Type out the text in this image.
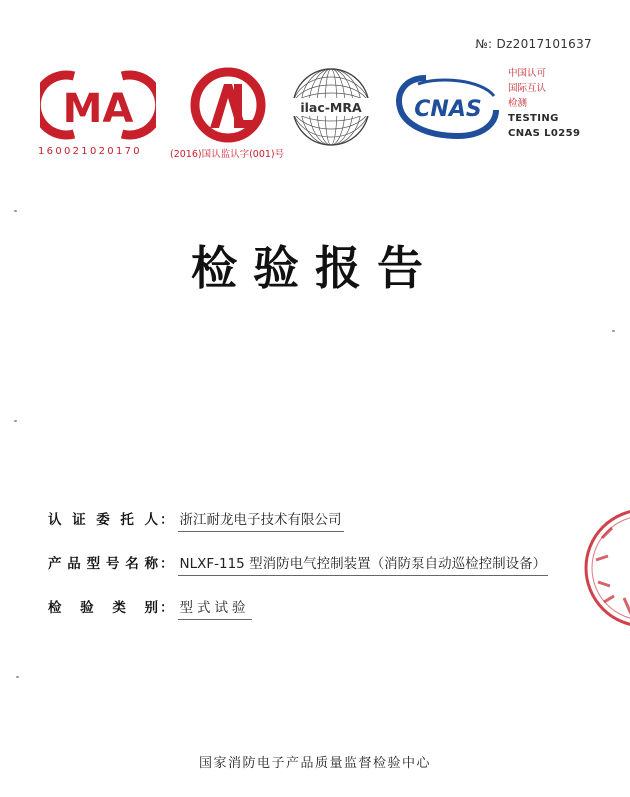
№: Dz2017101637
MA
160021020170	(2016)国认监认字(001)号
ilac-MRA CNAS
中国认可
国际互认
检测
TESTING
CNAS L0259
检验报告
认证委托人 ： 浙江耐龙电子技术有限公司
产品型号名称 ： NLXF-115 型消防电气控制装置（消防泵自动巡检控制设备）
检验类别 ： 型式试验
国家消防电子产品质量监督检验中心
